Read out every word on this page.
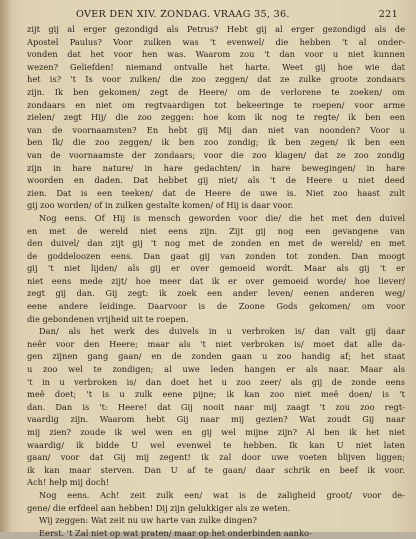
OVER DEN XIV. ZONDAG. VRAAG 35, 36.	221
zijt gij al erger gezondigd als Petrus? Hebt gij al erger gezondigd als de
Apostel Paulus? Voor zulken was 't evenwel/ die hebben 't al onder-
vonden dat het voor hen was. Waarom zou 't dan voor u niet kunnen
wezen? Geliefden! niemand ontvalle het harte. Weet gij hoe wie dat
het is? 't Is voor zulken/ die zoo zeggen/ dat ze zulke groote zondaars
zijn. Ik ben gekomen/ zegt de Heere/ om de verlorene te zoeken/ om
zondaars en niet om regtvaardigen tot bekeeringe te roepen/ voor arme
zielen/ zegt Hij/ die zoo zeggen: hoe kom ik nog te regte/ ik ben een
van de voornaamsten? En hebt gij Mij dan niet van noonden? Voor u
ben Ik/ die zoo zeggen/ ik ben zoo zondig; ik ben zegen/ ik ben een
van de voornaamste der zondaars; voor die zoo klagen/ dat ze zoo zondig
zijn in hare nature/ in hare gedachten/ in hare bewegingen/ in hare
woorden en daden. Dat hebbet gij niet/ als 't de Heere u niet deed
zien. Dat is een teeken/ dat de Heere de uwe is. Niet zoo haast zult
gij zoo worden/ of in zulken gestalte komen/ of Hij is daar voor.
Nog eens. Of Hij is mensch geworden voor die/ die het met den duivel
en met de wereld niet eens zijn. Zijt gij nog een gevangene van
den duivel/ dan zijt gij 't nog met de zonden en met de wereld/ en met
de goddeloozen eens. Dan gaat gij van zonden tot zonden. Dan moogt
gij 't niet lijden/ als gij er over gemoeid wordt. Maar als gij 't er
niet eens mede zijt/ hoe meer dat ik er over gemoeid worde/ hoe liever/
zegt gij dan. Gij zegt: ik zoek een ander leven/ eenen anderen weg/
eene andere leidinge. Daarvoor is de Zoone Gods gekomen/ om voor
die gebondenen vrijheid uit te roepen.
Dan/ als het werk des duivels in u verbroken is/ dan valt gij daar
neêr voor den Heere; maar als 't niet verbroken is/ moet dat alle da-
gen zijnen gang gaan/ en de zonden gaan u zoo handig af; het staat
u zoo wel te zondigen; al uwe leden hangen er als naar. Maar als
't in u verbroken is/ dan doet het u zoo zeer/ als gij de zonde eens
meê doet; 't is u zulk eene pijne; ik kan zoo niet meê doen/ is 't
dan. Dan is 't: Heere! dat Gij nooit naar mij zaagt 't zou zoo regt-
vaardig zijn. Waarom hebt Gij naar mij gezien? Wat zoudt Gij naar
mij zien? zoude ik wel wen en gij wel mijne zijn? Al ben ik het niet
waardig/ ik bidde U wel evenwel te hebben. Ik kan U niet laten
gaan/ voor dat Gij mij zegent! ik zal door uwe voeten blijven liggen;
ik kan maar sterven. Dan U af te gaan/ daar schrik en beef ik voor.
Ach! help mij doch!
Nog eens. Ach! zeit zulk een/ wat is de zaligheid groot/ voor de-
gene/ die erfdeel aan hebben! Dij zijn gelukkiger als ze weten.
Wij zeggen: Wat zeit nu uw harte van zulke dingen?
Eerst. 't Zal niet op wat praten/ maar op het onderbinden aanko-
